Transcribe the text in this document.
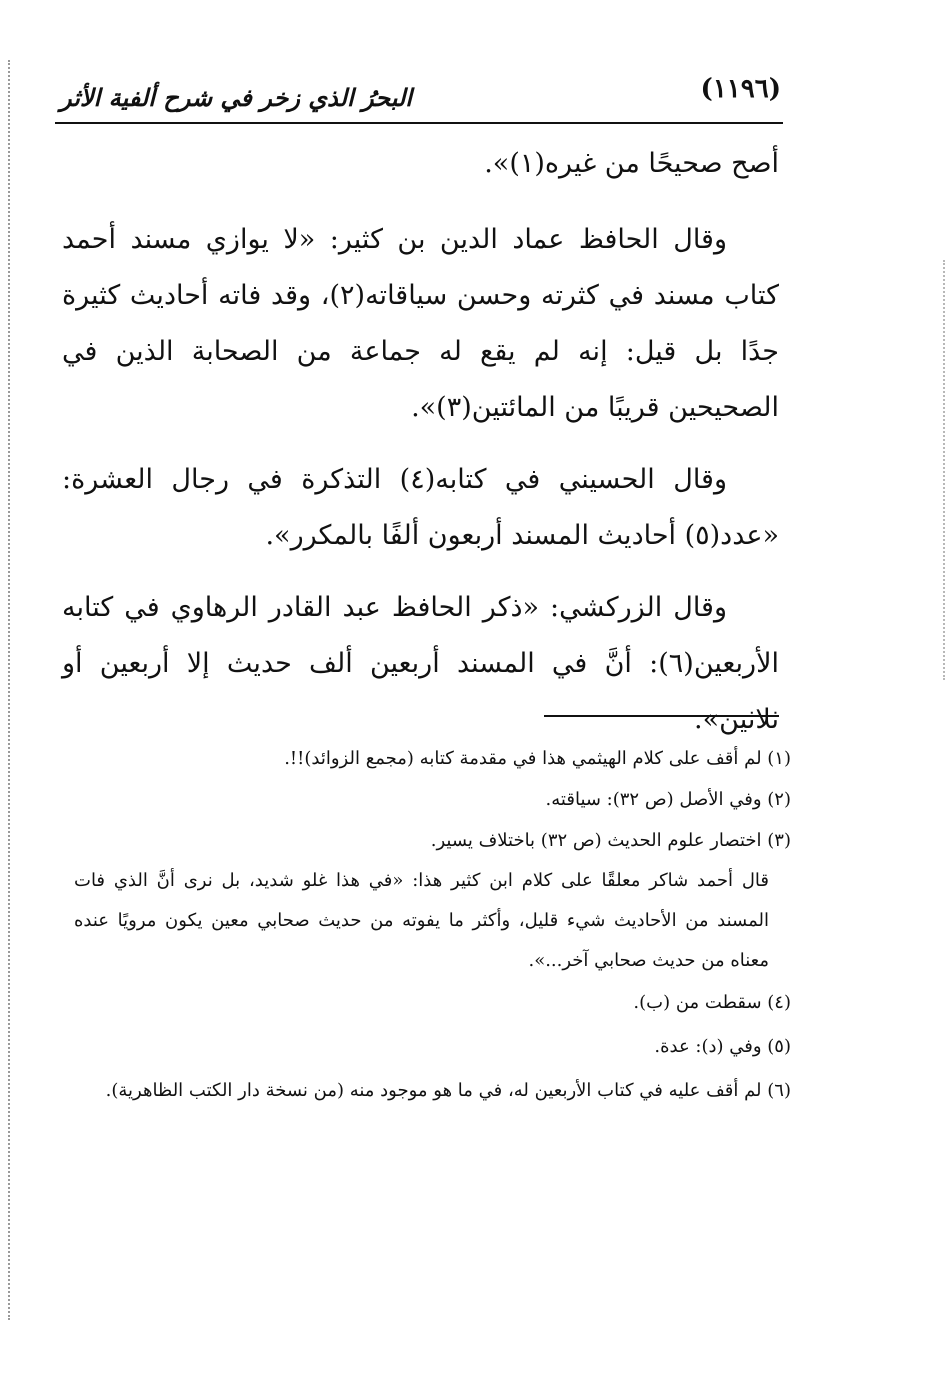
(١١٩٦)
البحرُ الذي زخر في شرح ألفية الأثر

أصح صحيحًا من غيره(١)».

وقال الحافظ عماد الدين بن كثير: «لا يوازي مسند أحمد كتاب مسند في كثرته وحسن سياقاته(٢)، وقد فاته أحاديث كثيرة جدًا بل قيل: إنه لم يقع له جماعة من الصحابة الذين في الصحيحين قريبًا من المائتين(٣)».

وقال الحسيني في كتابه(٤) التذكرة في رجال العشرة: «عدد(٥) أحاديث المسند أربعون ألفًا بالمكرر».

وقال الزركشي: «ذكر الحافظ عبد القادر الرهاوي في كتابه الأربعين(٦): أنَّ في المسند أربعين ألف حديث إلا أربعين أو ثلاثين».

(١) لم أقف على كلام الهيثمي هذا في مقدمة كتابه (مجمع الزوائد)!!.

(٢) وفي الأصل (ص ٣٢): سياقته.

(٣) اختصار علوم الحديث (ص ٣٢) باختلاف يسير.

قال أحمد شاكر معلقًا على كلام ابن كثير هذا: «في هذا غلو شديد، بل نرى أنَّ الذي فات المسند من الأحاديث شيء قليل، وأكثر ما يفوته من حديث صحابي معين يكون مرويًا عنده معناه من حديث صحابي آخر...».

(٤) سقطت من (ب).

(٥) وفي (د): عدة.

(٦) لم أقف عليه في كتاب الأربعين له، في ما هو موجود منه (من نسخة دار الكتب الظاهرية).
